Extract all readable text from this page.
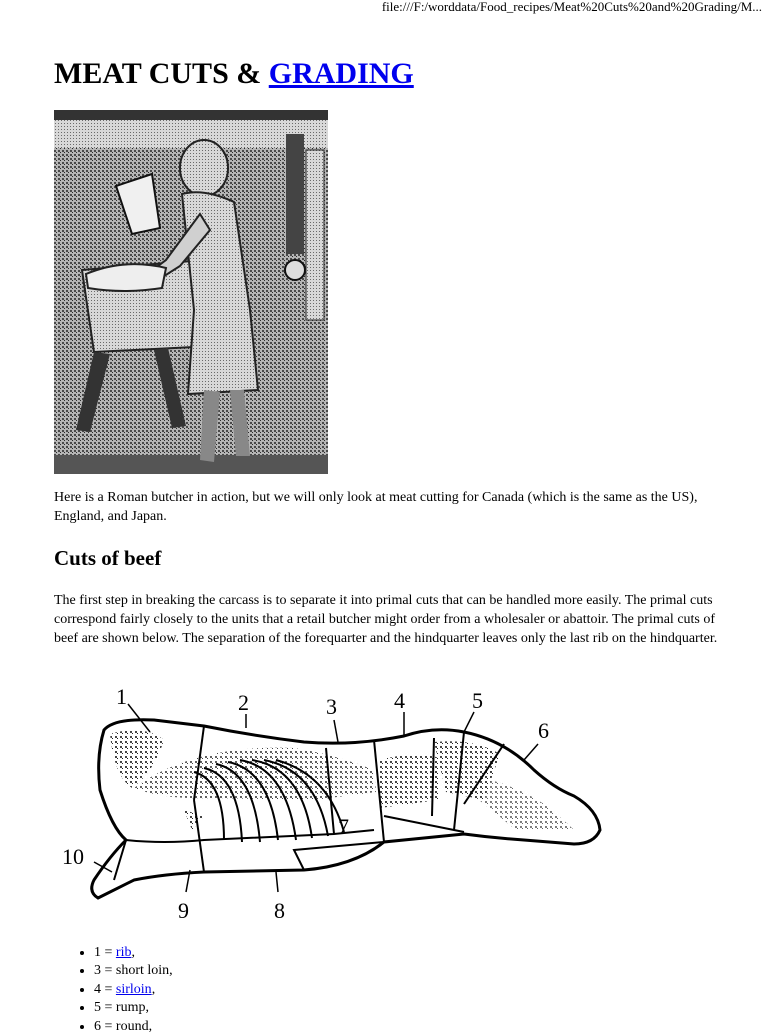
file:///F:/worddata/Food_recipes/Meat%20Cuts%20and%20Grading/M...
MEAT CUTS & GRADING

Here is a Roman butcher in action, but we will only look at meat cutting for Canada (which is the same as the US), England, and Japan.

Cuts of beef

The first step in breaking the carcass is to separate it into primal cuts that can be handled more easily. The primal cuts correspond fairly closely to the units that a retail butcher might order from a wholesaler or abattoir. The primal cuts of beef are shown below. The separation of the forequarter and the hindquarter leaves only the last rib on the hindquarter.

1	2	3	4	5
6
7
8
9
10
• 1 = rib,
• 3 = short loin,
• 4 = sirloin,
• 5 = rump,
• 6 = round,
